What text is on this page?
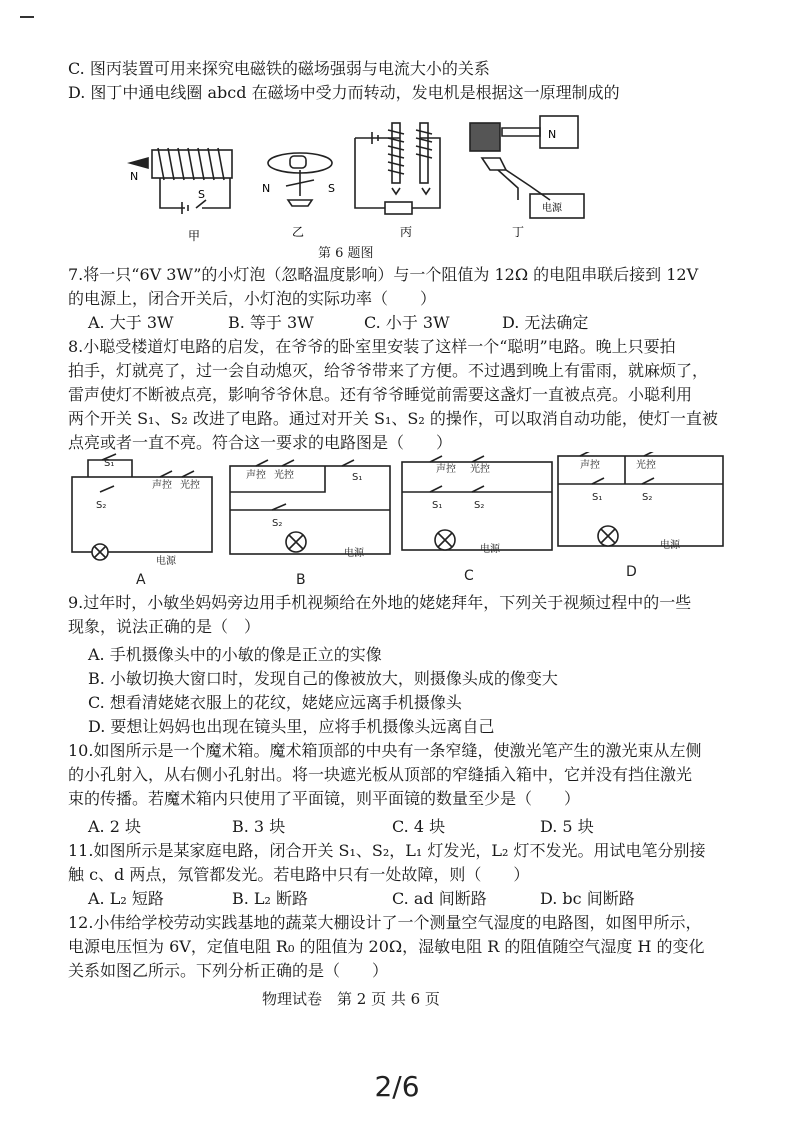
C. 图丙装置可用来探究电磁铁的磁场强弱与电流大小的关系
D. 图丁中通电线圈 abcd 在磁场中受力而转动，发电机是根据这一原理制成的
N
S	N	S
N
电源
甲	乙	丙	丁
第 6 题图
7.将一只“6V 3W”的小灯泡（忽略温度影响）与一个阻值为 12Ω 的电阻串联后接到 12V
的电源上，闭合开关后，小灯泡的实际功率（　　）
A. 大于 3W	B. 等于 3W	C. 小于 3W	D. 无法确定
8.小聪受楼道灯电路的启发，在爷爷的卧室里安装了这样一个“聪明”电路。晚上只要拍
拍手，灯就亮了，过一会自动熄灭，给爷爷带来了方便。不过遇到晚上有雷雨，就麻烦了，
雷声使灯不断被点亮，影响爷爷休息。还有爷爷睡觉前需要这盏灯一直被点亮。小聪利用
两个开关 S₁、S₂ 改进了电路。通过对开关 S₁、S₂ 的操作，可以取消自动功能，使灯一直被
点亮或者一直不亮。符合这一要求的电路图是（　　）
S₁
S₂
声控 光控
电源
声控 光控	S₁
S₂
电源
声控 光控
S₁	S₂
电源
声控	光控
S₁	S₂
电源
A	B	C	D
9.过年时，小敏坐妈妈旁边用手机视频给在外地的姥姥拜年，下列关于视频过程中的一些
现象，说法正确的是（　）
A. 手机摄像头中的小敏的像是正立的实像
B. 小敏切换大窗口时，发现自己的像被放大，则摄像头成的像变大
C. 想看清姥姥衣服上的花纹，姥姥应远离手机摄像头
D. 要想让妈妈也出现在镜头里，应将手机摄像头远离自己
10.如图所示是一个魔术箱。魔术箱顶部的中央有一条窄缝，使激光笔产生的激光束从左侧
的小孔射入，从右侧小孔射出。将一块遮光板从顶部的窄缝插入箱中，它并没有挡住激光
束的传播。若魔术箱内只使用了平面镜，则平面镜的数量至少是（　　）
A. 2 块	B. 3 块	C. 4 块	D. 5 块
11.如图所示是某家庭电路，闭合开关 S₁、S₂，L₁ 灯发光，L₂ 灯不发光。用试电笔分别接
触 c、d 两点，氖管都发光。若电路中只有一处故障，则（　　）
A. L₂ 短路	B. L₂ 断路	C. ad 间断路	D. bc 间断路
12.小伟给学校劳动实践基地的蔬菜大棚设计了一个测量空气湿度的电路图，如图甲所示，
电源电压恒为 6V，定值电阻 R₀ 的阻值为 20Ω，湿敏电阻 R 的阻值随空气湿度 H 的变化
关系如图乙所示。下列分析正确的是（　　）
物理试卷　第 2 页 共 6 页
2/6
